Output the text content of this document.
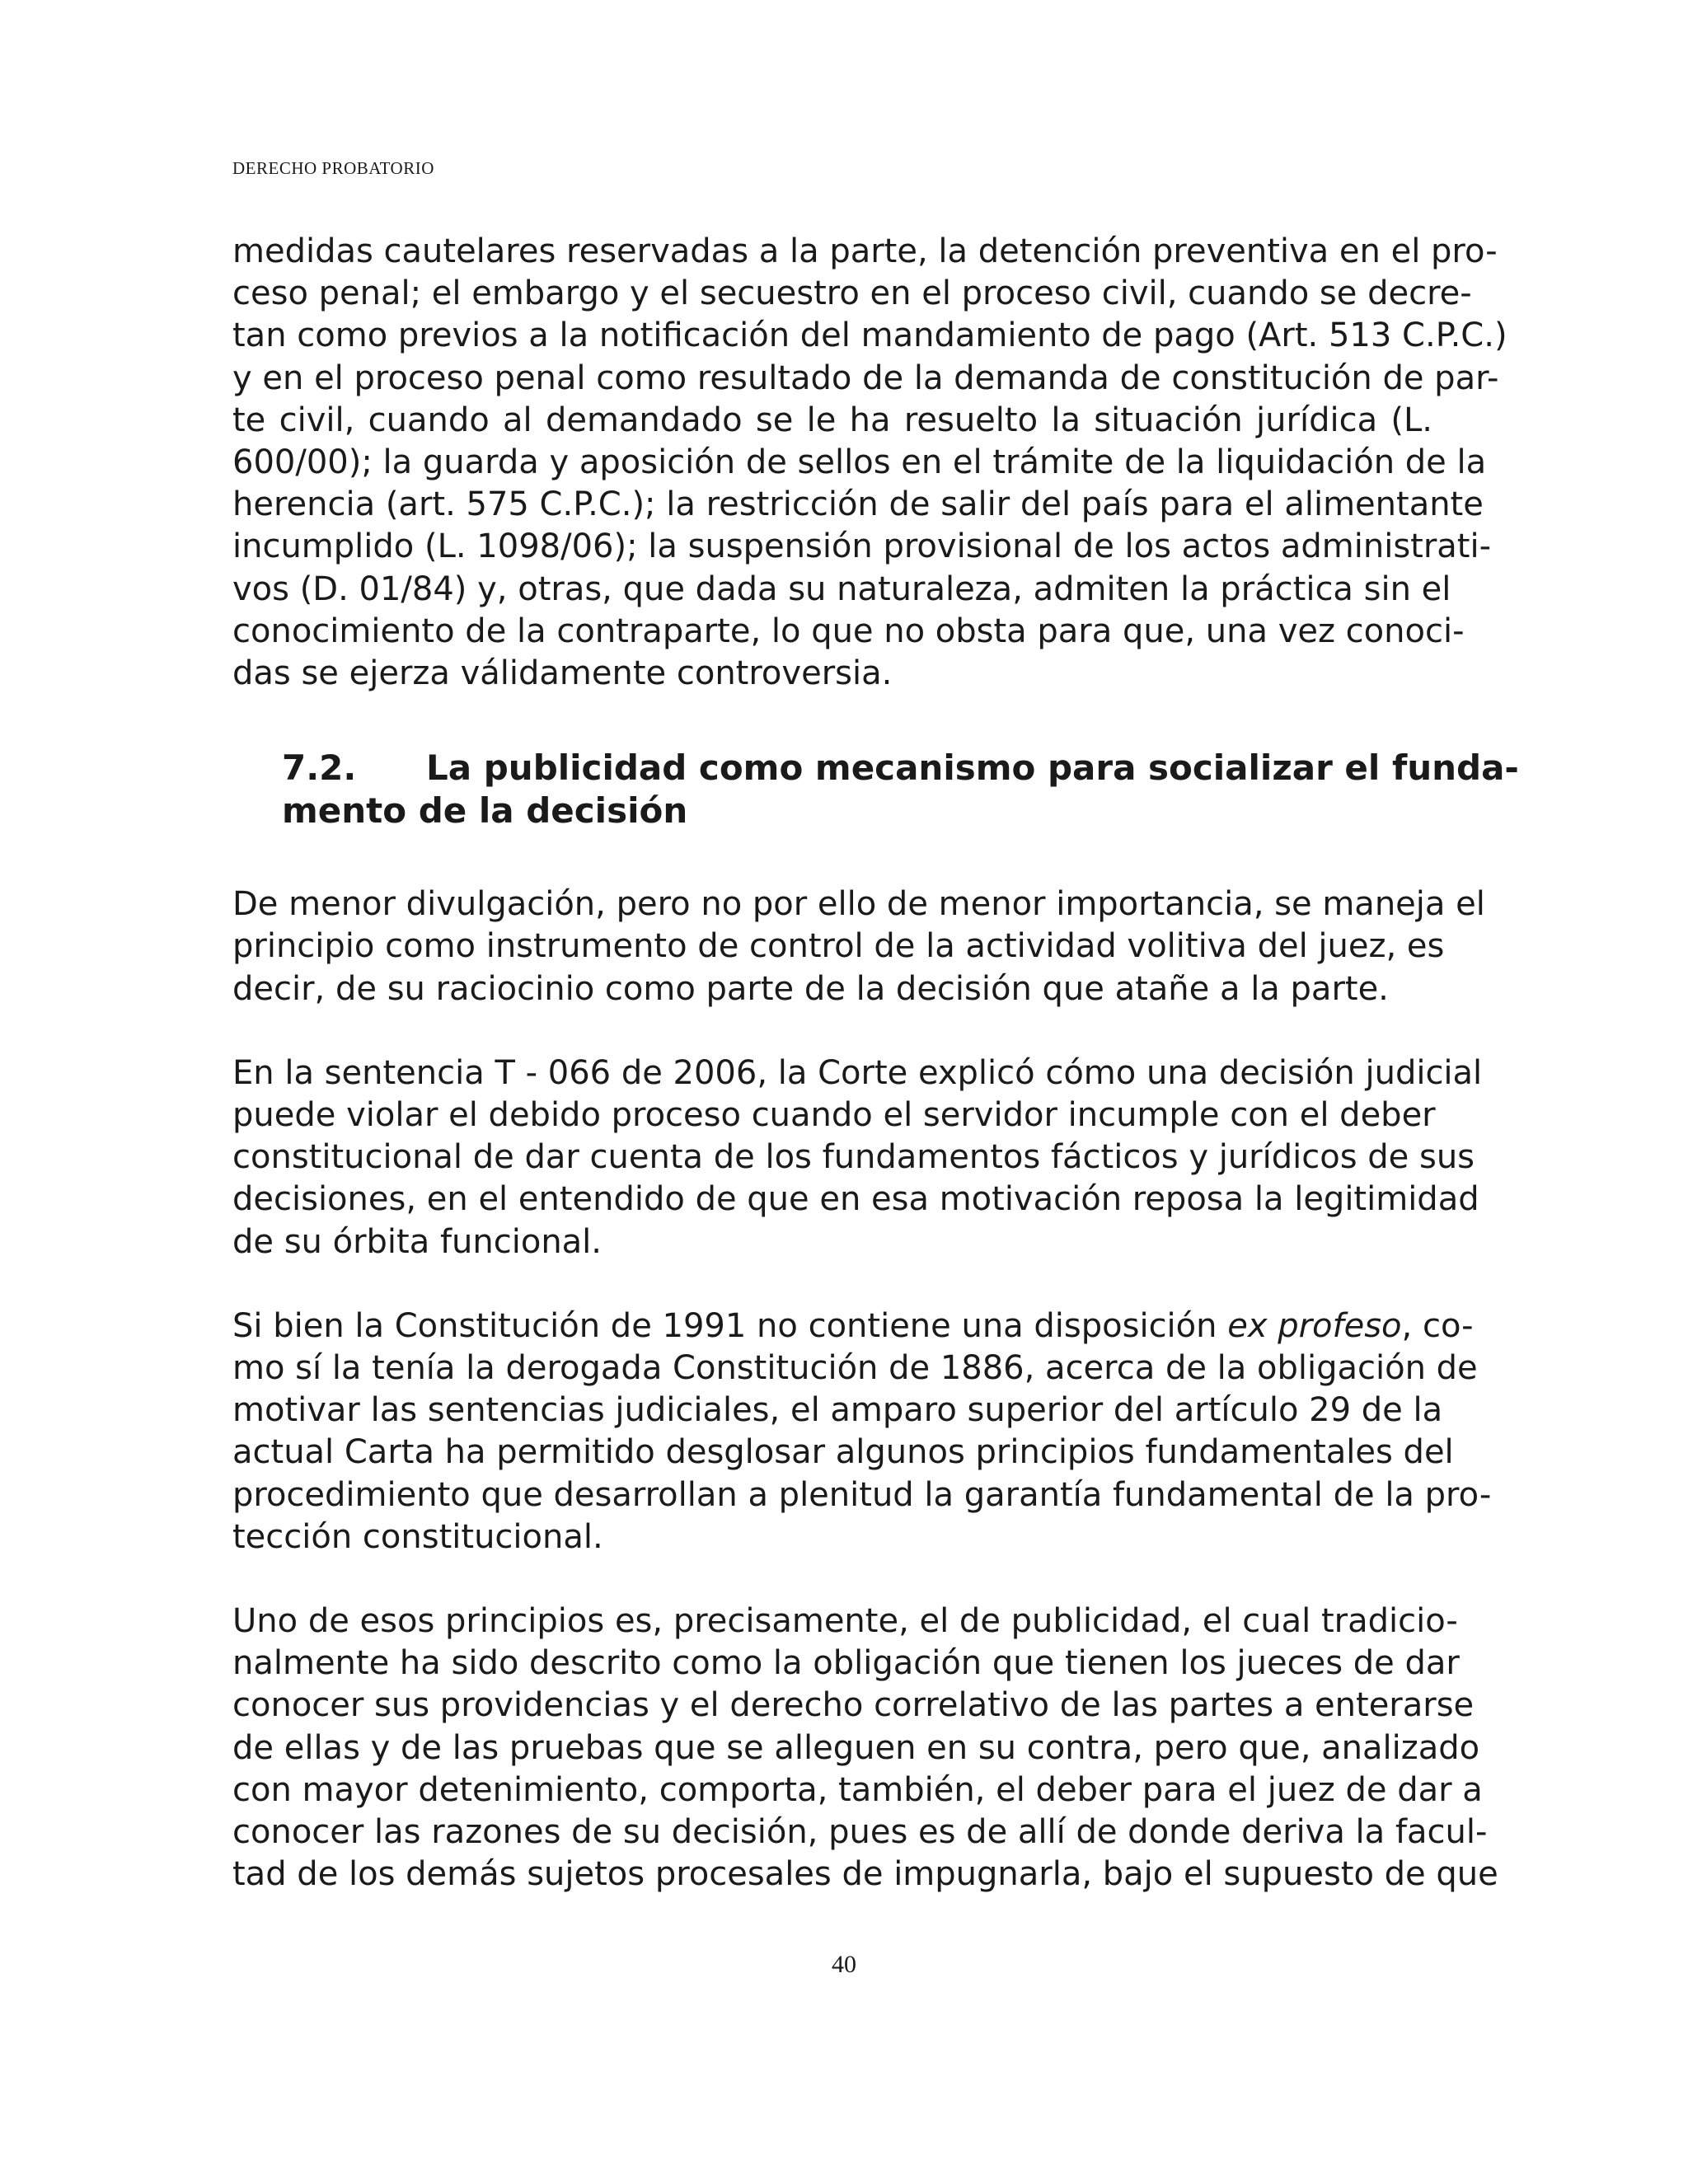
DERECHO PROBATORIO
medidas cautelares reservadas a la parte, la detención preventiva en el pro-
ceso penal; el embargo y el secuestro en el proceso civil, cuando se decre-
tan como previos a la notificación del mandamiento de pago (Art. 513 C.P.C.)
y en el proceso penal como resultado de la demanda de constitución de par-
te civil, cuando al demandado se le ha resuelto la situación jurídica (L.
600/00); la guarda y aposición de sellos en el trámite de la liquidación de la
herencia (art. 575 C.P.C.); la restricción de salir del país para el alimentante
incumplido (L. 1098/06); la suspensión provisional de los actos administrati-
vos (D. 01/84) y, otras, que dada su naturaleza, admiten la práctica sin el
conocimiento de la contraparte, lo que no obsta para que, una vez conoci-
das se ejerza válidamente controversia.
7.2. La publicidad como mecanismo para socializar el funda-
mento de la decisión
De menor divulgación, pero no por ello de menor importancia, se maneja el
principio como instrumento de control de la actividad volitiva del juez, es
decir, de su raciocinio como parte de la decisión que atañe a la parte.
En la sentencia T - 066 de 2006, la Corte explicó cómo una decisión judicial
puede violar el debido proceso cuando el servidor incumple con el deber
constitucional de dar cuenta de los fundamentos fácticos y jurídicos de sus
decisiones, en el entendido de que en esa motivación reposa la legitimidad
de su órbita funcional.
Si bien la Constitución de 1991 no contiene una disposición ex profeso, co-
mo sí la tenía la derogada Constitución de 1886, acerca de la obligación de
motivar las sentencias judiciales, el amparo superior del artículo 29 de la
actual Carta ha permitido desglosar algunos principios fundamentales del
procedimiento que desarrollan a plenitud la garantía fundamental de la pro-
tección constitucional.
Uno de esos principios es, precisamente, el de publicidad, el cual tradicio-
nalmente ha sido descrito como la obligación que tienen los jueces de dar
conocer sus providencias y el derecho correlativo de las partes a enterarse
de ellas y de las pruebas que se alleguen en su contra, pero que, analizado
con mayor detenimiento, comporta, también, el deber para el juez de dar a
conocer las razones de su decisión, pues es de allí de donde deriva la facul-
tad de los demás sujetos procesales de impugnarla, bajo el supuesto de que
40
